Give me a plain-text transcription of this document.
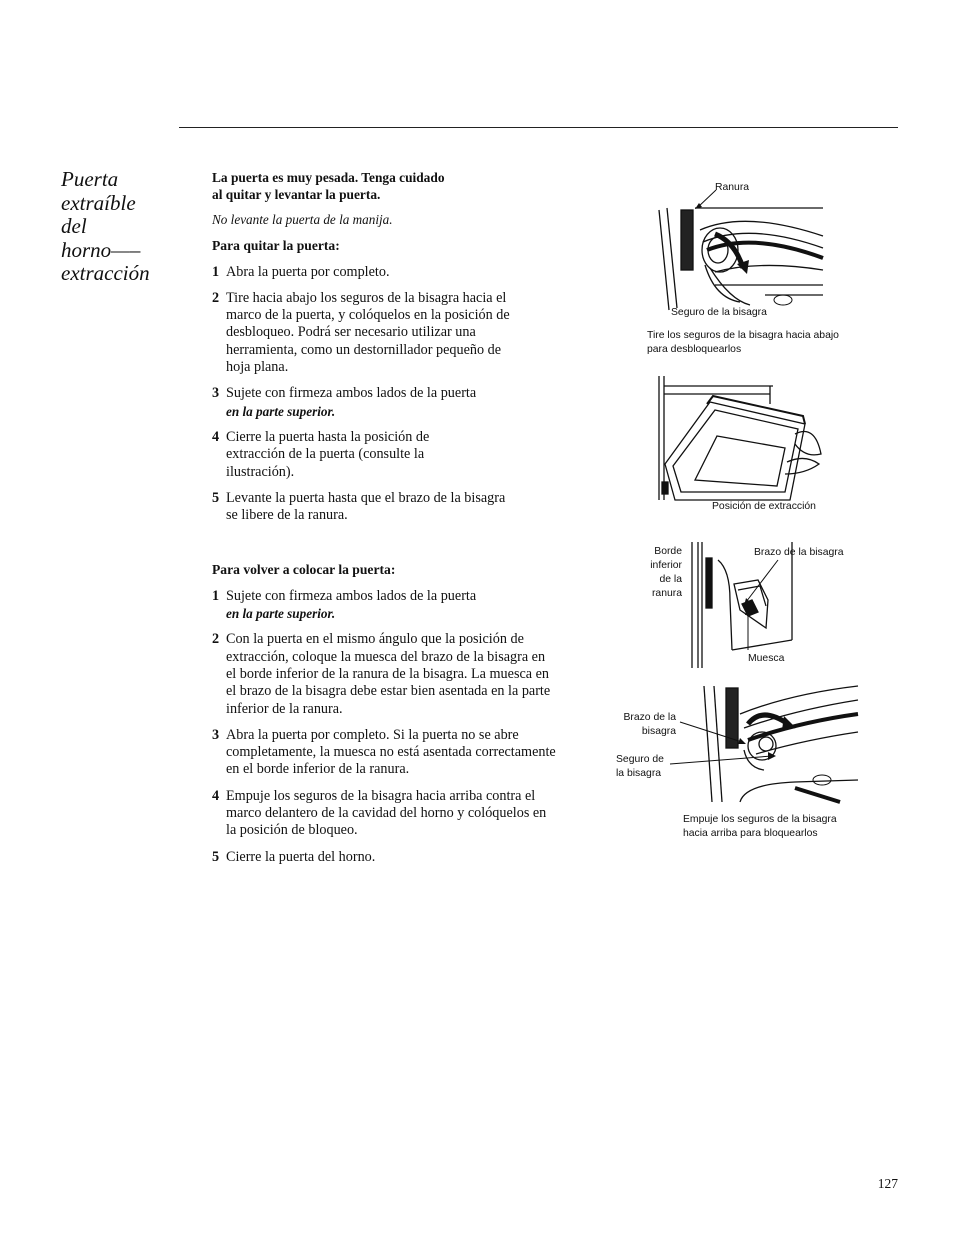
Puerta
extraíble
del
horno—–
extracción

La puerta es muy pesada. Tenga cuidado
al quitar y levantar la puerta.

No levante la puerta de la manija.

Para quitar la puerta:

1 Abra la puerta por completo.
2 Tire hacia abajo los seguros de la bisagra hacia el marco de la puerta, y colóquelos en la posición de desbloqueo. Podrá ser necesario utilizar una herramienta, como un destornillador pequeño de hoja plana.
3 Sujete con firmeza ambos lados de la puerta
en la parte superior.
4 Cierre la puerta hasta la posición de extracción de la puerta (consulte la ilustración).
5 Levante la puerta hasta que el brazo de la bisagra se libere de la ranura.

Para volver a colocar la puerta:

1 Sujete con firmeza ambos lados de la puerta
en la parte superior.
2 Con la puerta en el mismo ángulo que la posición de extracción, coloque la muesca del brazo de la bisagra en el borde inferior de la ranura de la bisagra. La muesca en el brazo de la bisagra debe estar bien asentada en la parte inferior de la ranura.
3 Abra la puerta por completo. Si la puerta no se abre completamente, la muesca no está asentada correctamente en el borde inferior de la ranura.
4 Empuje los seguros de la bisagra hacia arriba contra el marco delantero de la cavidad del horno y colóquelos en la posición de bloqueo.
5 Cierre la puerta del horno.
Ranura
Seguro de la bisagra
Tire los seguros de la bisagra hacia abajo
para desbloquearlos
Posición de extracción
Borde
inferior
de la
ranura
Brazo de la bisagra
Muesca
Brazo de la
bisagra
Seguro de
la bisagra
Empuje los seguros de la bisagra
hacia arriba para bloquearlos
127
